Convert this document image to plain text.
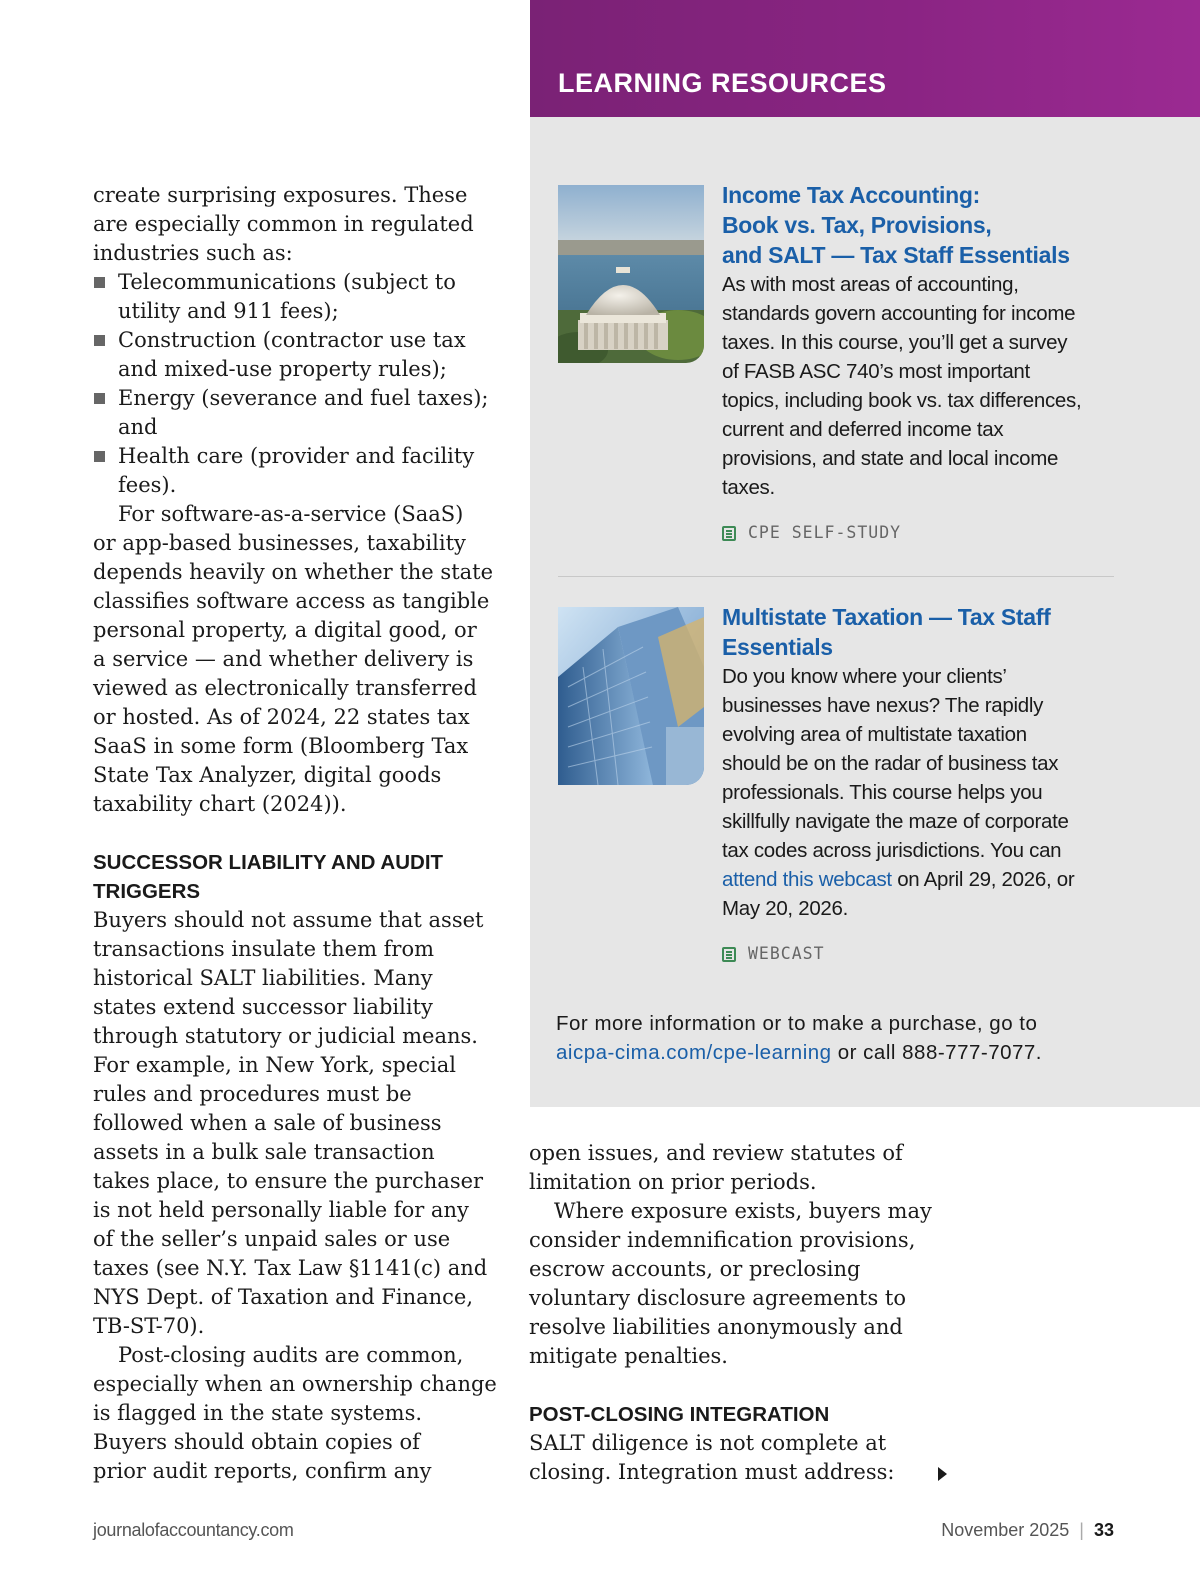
LEARNING RESOURCES
Income Tax Accounting:
Book vs. Tax, Provisions,
and SALT — Tax Staff Essentials
As with most areas of accounting,
standards govern accounting for income
taxes. In this course, you’ll get a survey
of FASB ASC 740’s most important
topics, including book vs. tax differences,
current and deferred income tax
provisions, and state and local income
taxes.
CPE SELF-STUDY
Multistate Taxation — Tax Staff
Essentials
Do you know where your clients’
businesses have nexus? The rapidly
evolving area of multistate taxation
should be on the radar of business tax
professionals. This course helps you
skillfully navigate the maze of corporate
tax codes across jurisdictions. You can
attend this webcast on April 29, 2026, or
May 20, 2026.
WEBCAST
For more information or to make a purchase, go to
aicpa-cima.com/cpe-learning or call 888-777-7077.
create surprising exposures. These
are especially common in regulated
industries such as:
Telecommunications (subject to
utility and 911 fees);
Construction (contractor use tax
and mixed-use property rules);
Energy (severance and fuel taxes);
and
Health care (provider and facility
fees).
For software-as-a-service (SaaS)
or app-based businesses, taxability
depends heavily on whether the state
classifies software access as tangible
personal property, a digital good, or
a service — and whether delivery is
viewed as electronically transferred
or hosted. As of 2024, 22 states tax
SaaS in some form (Bloomberg Tax
State Tax Analyzer, digital goods
taxability chart (2024)).
SUCCESSOR LIABILITY AND AUDIT
TRIGGERS
Buyers should not assume that asset
transactions insulate them from
historical SALT liabilities. Many
states extend successor liability
through statutory or judicial means.
For example, in New York, special
rules and procedures must be
followed when a sale of business
assets in a bulk sale transaction
takes place, to ensure the purchaser
is not held personally liable for any
of the seller’s unpaid sales or use
taxes (see N.Y. Tax Law §1141(c) and
NYS Dept. of Taxation and Finance,
TB-ST-70).
Post-closing audits are common,
especially when an ownership change
is flagged in the state systems.
Buyers should obtain copies of
prior audit reports, confirm any
open issues, and review statutes of
limitation on prior periods.
Where exposure exists, buyers may
consider indemnification provisions,
escrow accounts, or preclosing
voluntary disclosure agreements to
resolve liabilities anonymously and
mitigate penalties.
POST-CLOSING INTEGRATION
SALT diligence is not complete at
closing. Integration must address:
journalofaccountancy.com	November 2025 | 33
